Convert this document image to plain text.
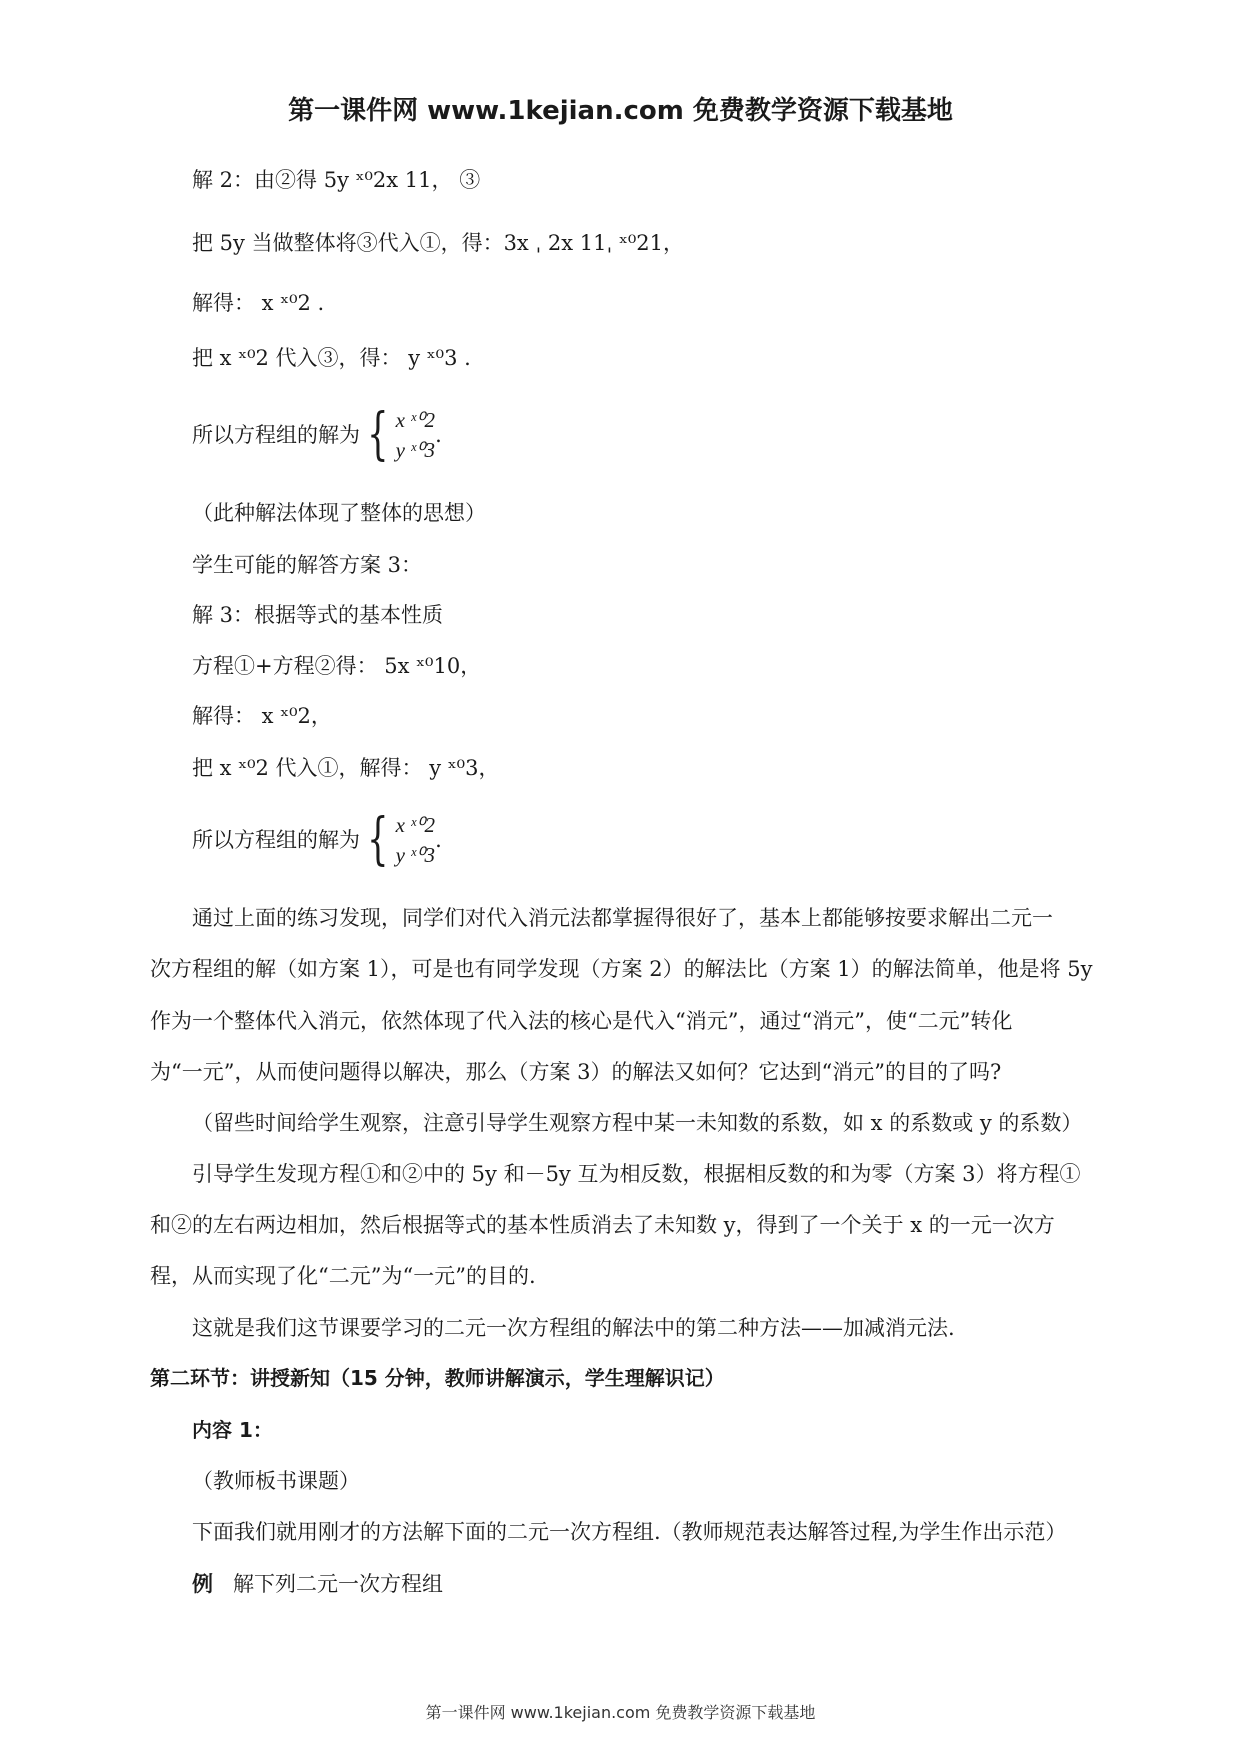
第一课件网 www.1kejian.com 免费教学资源下载基地
解 2：由②得 5y ˣ⁰2x 11， ③
把 5y 当做整体将③代入①，得：3x ˌ 2x 11ˌ ˣ⁰21，
解得： x ˣ⁰2 .
把 x ˣ⁰2 代入③，得： y ˣ⁰3 .
所以方程组的解为 { x ˣ⁰2
y ˣ⁰3
.
（此种解法体现了整体的思想）
学生可能的解答方案 3：
解 3：根据等式的基本性质
方程①+方程②得： 5x ˣ⁰10，
解得： x ˣ⁰2，
把 x ˣ⁰2 代入①，解得： y ˣ⁰3，
所以方程组的解为 { x ˣ⁰2
y ˣ⁰3
.
通过上面的练习发现，同学们对代入消元法都掌握得很好了，基本上都能够按要求解出二元一
次方程组的解（如方案 1），可是也有同学发现（方案 2）的解法比（方案 1）的解法简单，他是将 5y
作为一个整体代入消元，依然体现了代入法的核心是代入“消元”，通过“消元”，使“二元”转化
为“一元”，从而使问题得以解决，那么（方案 3）的解法又如何？它达到“消元”的目的了吗?
（留些时间给学生观察，注意引导学生观察方程中某一未知数的系数，如 x 的系数或 y 的系数）
引导学生发现方程①和②中的 5y 和－5y 互为相反数，根据相反数的和为零（方案 3）将方程①
和②的左右两边相加，然后根据等式的基本性质消去了未知数 y，得到了一个关于 x 的一元一次方
程，从而实现了化“二元”为“一元”的目的.
这就是我们这节课要学习的二元一次方程组的解法中的第二种方法——加减消元法.
第二环节：讲授新知（15 分钟，教师讲解演示，学生理解识记）
内容 1：
（教师板书课题）
下面我们就用刚才的方法解下面的二元一次方程组.（教师规范表达解答过程,为学生作出示范）
例 解下列二元一次方程组
第一课件网 www.1kejian.com 免费教学资源下载基地
